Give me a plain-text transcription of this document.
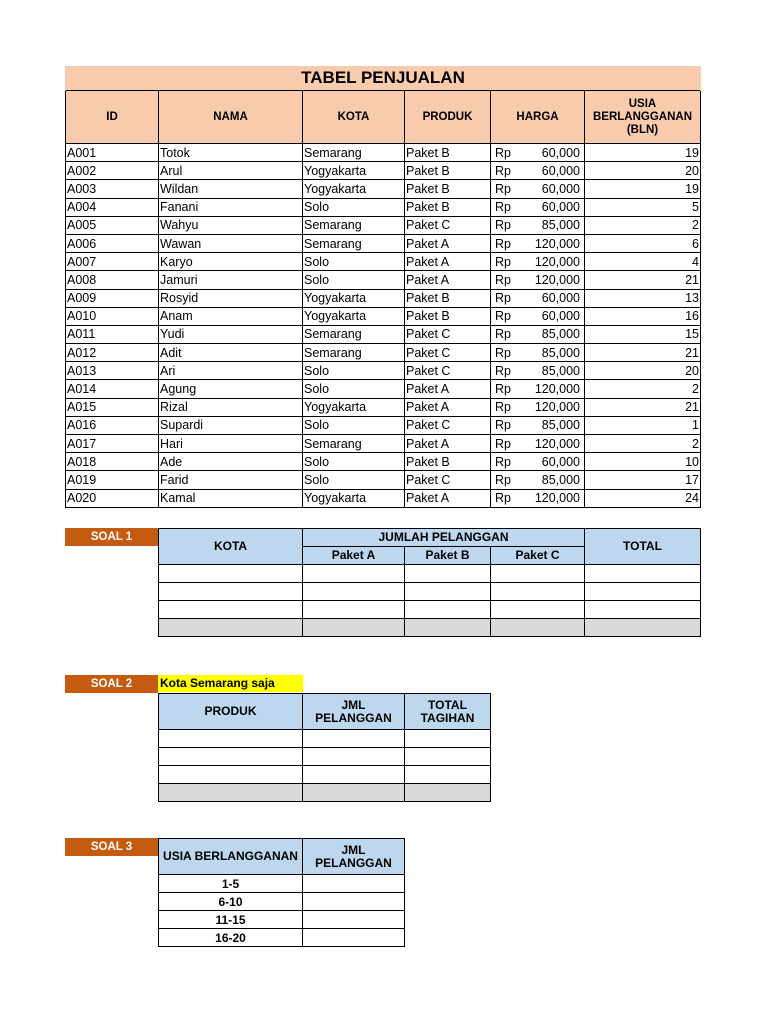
TABEL PENJUALAN					
ID	NAMA	KOTA	PRODUK	HARGA	USIA BERLANGGANAN (BLN)
A001	Totok	Semarang	Paket B	Rp 60,000	19
A002	Arul	Yogyakarta	Paket B	Rp 60,000	20
A003	Wildan	Yogyakarta	Paket B	Rp 60,000	19
A004	Fanani	Solo	Paket B	Rp 60,000	5
A005	Wahyu	Semarang	Paket C	Rp 85,000	2
A006	Wawan	Semarang	Paket A	Rp 120,000	6
A007	Karyo	Solo	Paket A	Rp 120,000	4
A008	Jamuri	Solo	Paket A	Rp 120,000	21
A009	Rosyid	Yogyakarta	Paket B	Rp 60,000	13
A010	Anam	Yogyakarta	Paket B	Rp 60,000	16
A011	Yudi	Semarang	Paket C	Rp 85,000	15
A012	Adit	Semarang	Paket C	Rp 85,000	21
A013	Ari	Solo	Paket C	Rp 85,000	20
A014	Agung	Solo	Paket A	Rp 120,000	2
A015	Rizal	Yogyakarta	Paket A	Rp 120,000	21
A016	Supardi	Solo	Paket C	Rp 85,000	1
A017	Hari	Semarang	Paket A	Rp 120,000	2
A018	Ade	Solo	Paket B	Rp 60,000	10
A019	Farid	Solo	Paket C	Rp 85,000	17
A020	Kamal	Yogyakarta	Paket A	Rp 120,000	24
SOAL 1
KOTA	JUMLAH PELANGGAN			TOTAL
	Paket A	Paket B	Paket C	

SOAL 2	Kota Semarang saja
PRODUK	JML PELANGGAN	TOTAL TAGIHAN

SOAL 3
USIA BERLANGGANAN	JML PELANGGAN
1-5	
6-10	
11-15	
16-20	
